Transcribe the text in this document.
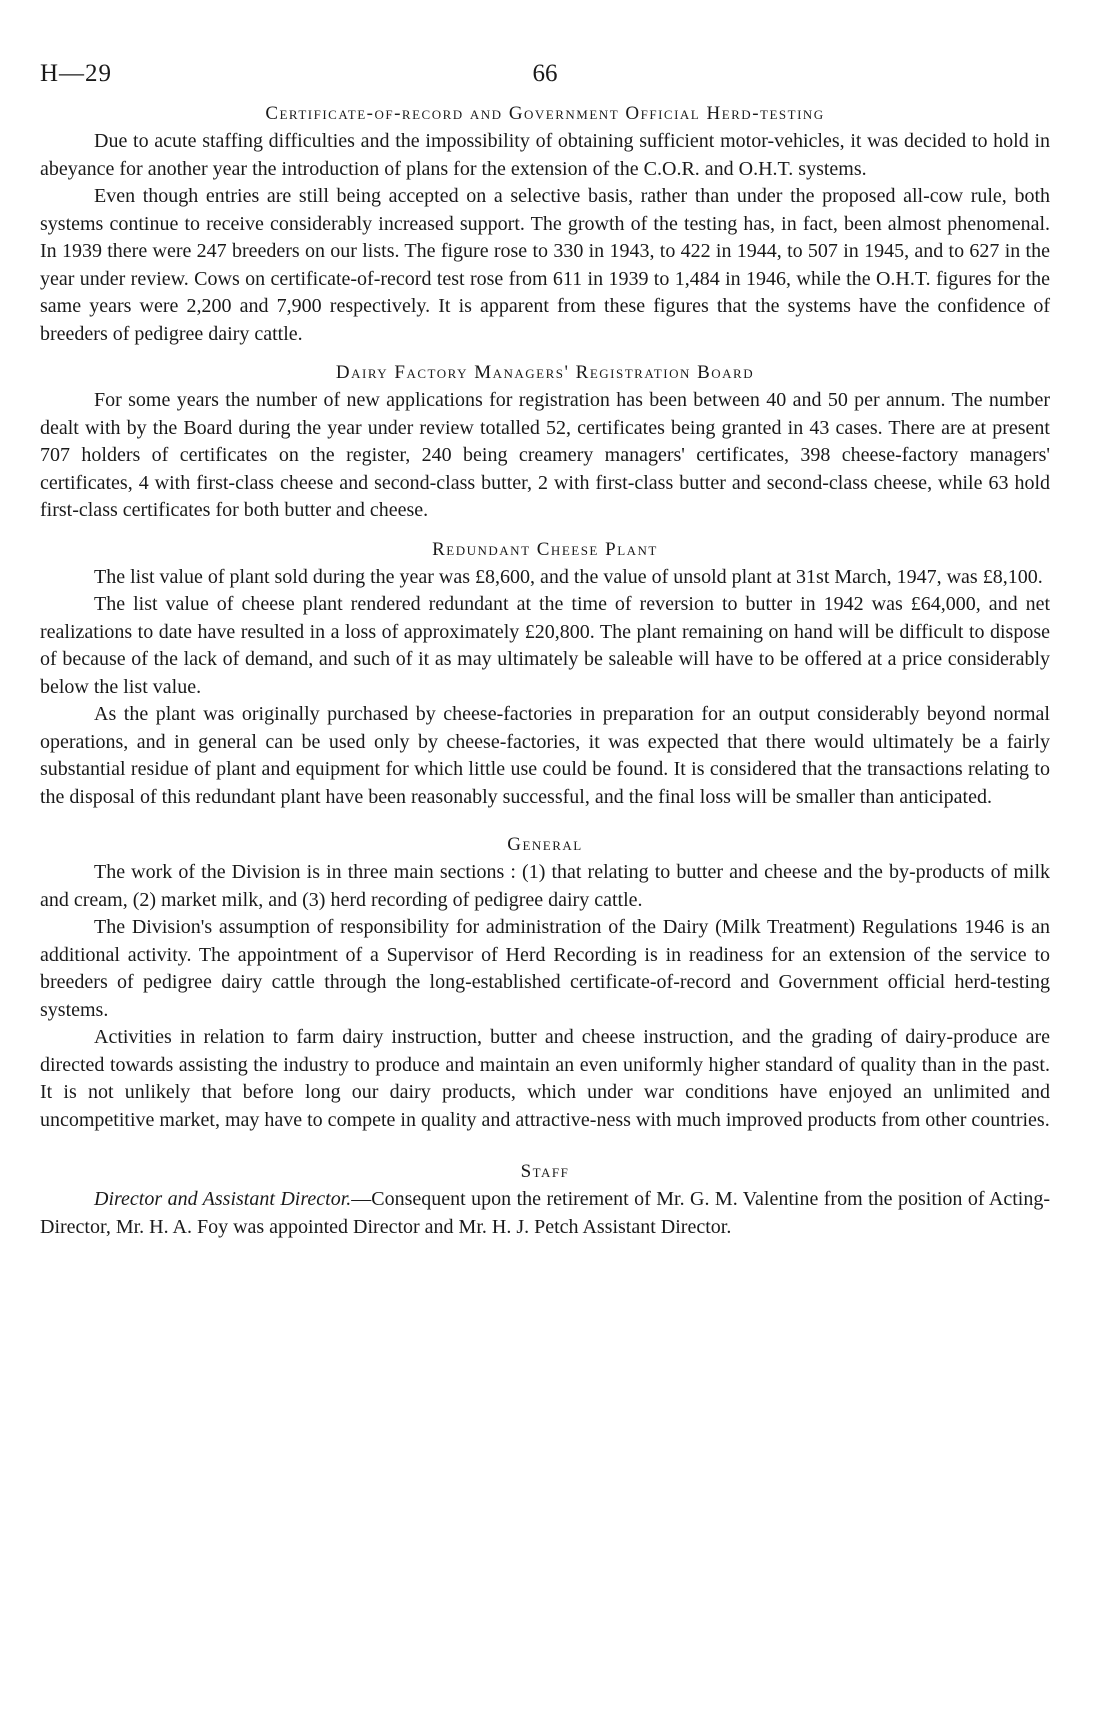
H—29	66
Certificate-of-record and Government Official Herd-testing

Due to acute staffing difficulties and the impossibility of obtaining sufficient motor-vehicles, it was decided to hold in abeyance for another year the introduction of plans for the extension of the C.O.R. and O.H.T. systems.

Even though entries are still being accepted on a selective basis, rather than under the proposed all-cow rule, both systems continue to receive considerably increased support. The growth of the testing has, in fact, been almost phenomenal. In 1939 there were 247 breeders on our lists. The figure rose to 330 in 1943, to 422 in 1944, to 507 in 1945, and to 627 in the year under review. Cows on certificate-of-record test rose from 611 in 1939 to 1,484 in 1946, while the O.H.T. figures for the same years were 2,200 and 7,900 respectively. It is apparent from these figures that the systems have the confidence of breeders of pedigree dairy cattle.

Dairy Factory Managers' Registration Board

For some years the number of new applications for registration has been between 40 and 50 per annum. The number dealt with by the Board during the year under review totalled 52, certificates being granted in 43 cases. There are at present 707 holders of certificates on the register, 240 being creamery managers' certificates, 398 cheese-factory managers' certificates, 4 with first-class cheese and second-class butter, 2 with first-class butter and second-class cheese, while 63 hold first-class certificates for both butter and cheese.

Redundant Cheese Plant

The list value of plant sold during the year was £8,600, and the value of unsold plant at 31st March, 1947, was £8,100.

The list value of cheese plant rendered redundant at the time of reversion to butter in 1942 was £64,000, and net realizations to date have resulted in a loss of approximately £20,800. The plant remaining on hand will be difficult to dispose of because of the lack of demand, and such of it as may ultimately be saleable will have to be offered at a price considerably below the list value.

As the plant was originally purchased by cheese-factories in preparation for an output considerably beyond normal operations, and in general can be used only by cheese-factories, it was expected that there would ultimately be a fairly substantial residue of plant and equipment for which little use could be found. It is considered that the transactions relating to the disposal of this redundant plant have been reasonably successful, and the final loss will be smaller than anticipated.

General

The work of the Division is in three main sections : (1) that relating to butter and cheese and the by-products of milk and cream, (2) market milk, and (3) herd recording of pedigree dairy cattle.

The Division's assumption of responsibility for administration of the Dairy (Milk Treatment) Regulations 1946 is an additional activity. The appointment of a Supervisor of Herd Recording is in readiness for an extension of the service to breeders of pedigree dairy cattle through the long-established certificate-of-record and Government official herd-testing systems.

Activities in relation to farm dairy instruction, butter and cheese instruction, and the grading of dairy-produce are directed towards assisting the industry to produce and maintain an even uniformly higher standard of quality than in the past. It is not unlikely that before long our dairy products, which under war conditions have enjoyed an unlimited and uncompetitive market, may have to compete in quality and attractive-ness with much improved products from other countries.

Staff

Director and Assistant Director.—Consequent upon the retirement of Mr. G. M. Valentine from the position of Acting-Director, Mr. H. A. Foy was appointed Director and Mr. H. J. Petch Assistant Director.
